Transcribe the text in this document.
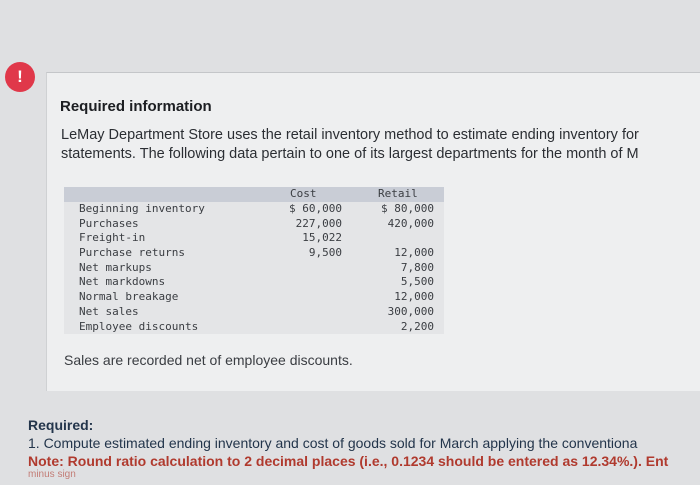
!
Required information

LeMay Department Store uses the retail inventory method to estimate ending inventory for
statements. The following data pertain to one of its largest departments for the month of M

Cost	Retail
Beginning inventory
Purchases
Freight-in
Purchase returns
Net markups
Net markdowns
Normal breakage
Net sales
Employee discounts
$ 60,000
227,000
15,022
9,500
$ 80,000
420,000
12,000
7,800
5,500
12,000
300,000
2,200

Sales are recorded net of employee discounts.

Required:
1. Compute estimated ending inventory and cost of goods sold for March applying the conventiona
Note: Round ratio calculation to 2 decimal places (i.e., 0.1234 should be entered as 12.34%.). Ent
minus sign
